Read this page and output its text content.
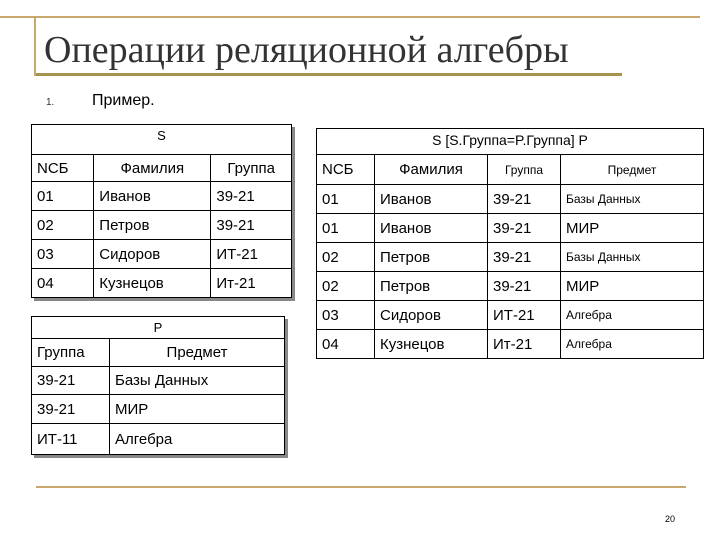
Операции реляционной алгебры
1. Пример.
S		
NCБ	Фамилия	Группа
01	Иванов	39-21
02	Петров	39-21
03	Сидоров	ИТ-21
04	Кузнецов	Ит-21
P	
Группа	Предмет
39-21	Базы Данных
39-21	МИР
ИТ-11	Алгебра
S [S.Группа=P.Группа] P			
NCБ	Фамилия	Группа	Предмет
01	Иванов	39-21	Базы Данных
01	Иванов	39-21	МИР
02	Петров	39-21	Базы Данных
02	Петров	39-21	МИР
03	Сидоров	ИТ-21	Алгебра
04	Кузнецов	Ит-21	Алгебра
20
